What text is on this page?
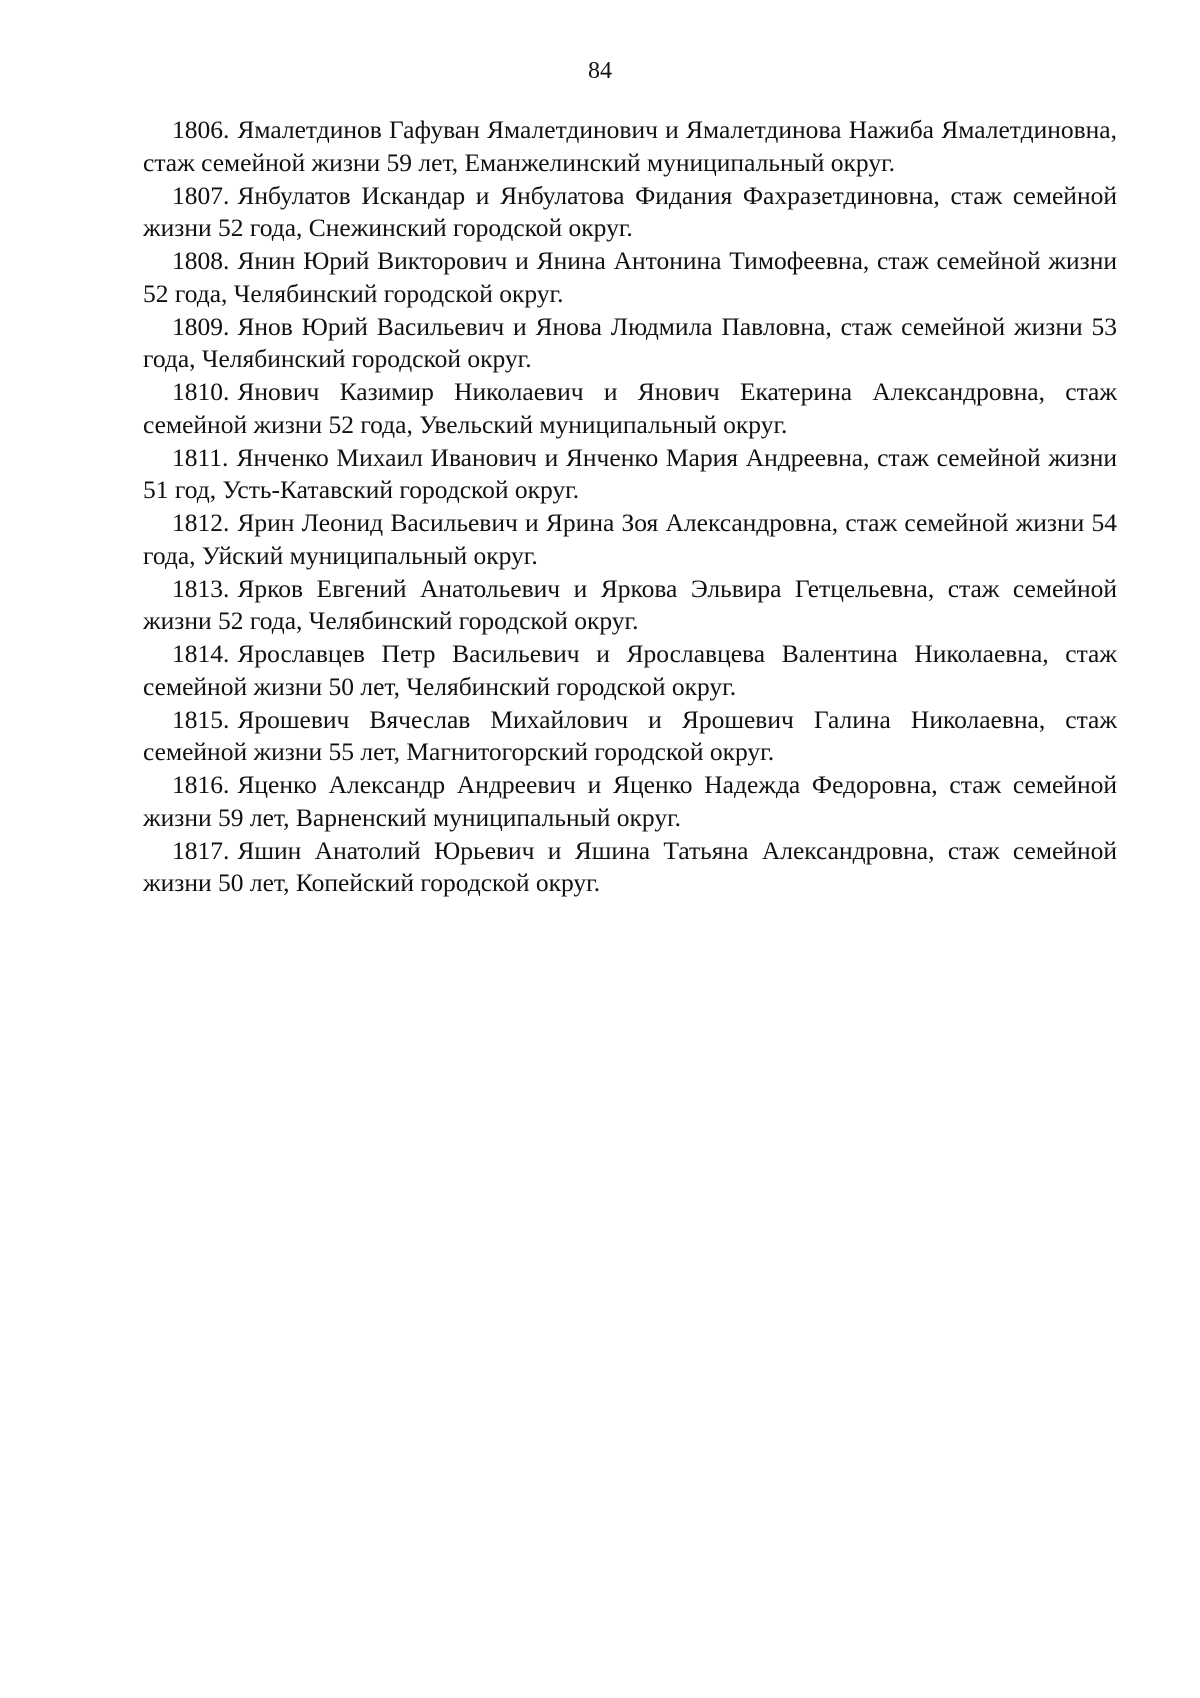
84

1806. Ямалетдинов Гафуван Ямалетдинович и Ямалетдинова Нажиба Ямалетдиновна, стаж семейной жизни 59 лет, Еманжелинский муниципальный округ.

1807. Янбулатов Искандар и Янбулатова Фидания Фахразетдиновна, стаж семейной жизни 52 года, Снежинский городской округ.

1808. Янин Юрий Викторович и Янина Антонина Тимофеевна, стаж семейной жизни 52 года, Челябинский городской округ.

1809. Янов Юрий Васильевич и Янова Людмила Павловна, стаж семейной жизни 53 года, Челябинский городской округ.

1810. Янович Казимир Николаевич и Янович Екатерина Александровна, стаж семейной жизни 52 года, Увельский муниципальный округ.

1811. Янченко Михаил Иванович и Янченко Мария Андреевна, стаж семейной жизни 51 год, Усть-Катавский городской округ.

1812. Ярин Леонид Васильевич и Ярина Зоя Александровна, стаж семейной жизни 54 года, Уйский муниципальный округ.

1813. Ярков Евгений Анатольевич и Яркова Эльвира Гетцельевна, стаж семейной жизни 52 года, Челябинский городской округ.

1814. Ярославцев Петр Васильевич и Ярославцева Валентина Николаевна, стаж семейной жизни 50 лет, Челябинский городской округ.

1815. Ярошевич Вячеслав Михайлович и Ярошевич Галина Николаевна, стаж семейной жизни 55 лет, Магнитогорский городской округ.

1816. Яценко Александр Андреевич и Яценко Надежда Федоровна, стаж семейной жизни 59 лет, Варненский муниципальный округ.

1817. Яшин Анатолий Юрьевич и Яшина Татьяна Александровна, стаж семейной жизни 50 лет, Копейский городской округ.
